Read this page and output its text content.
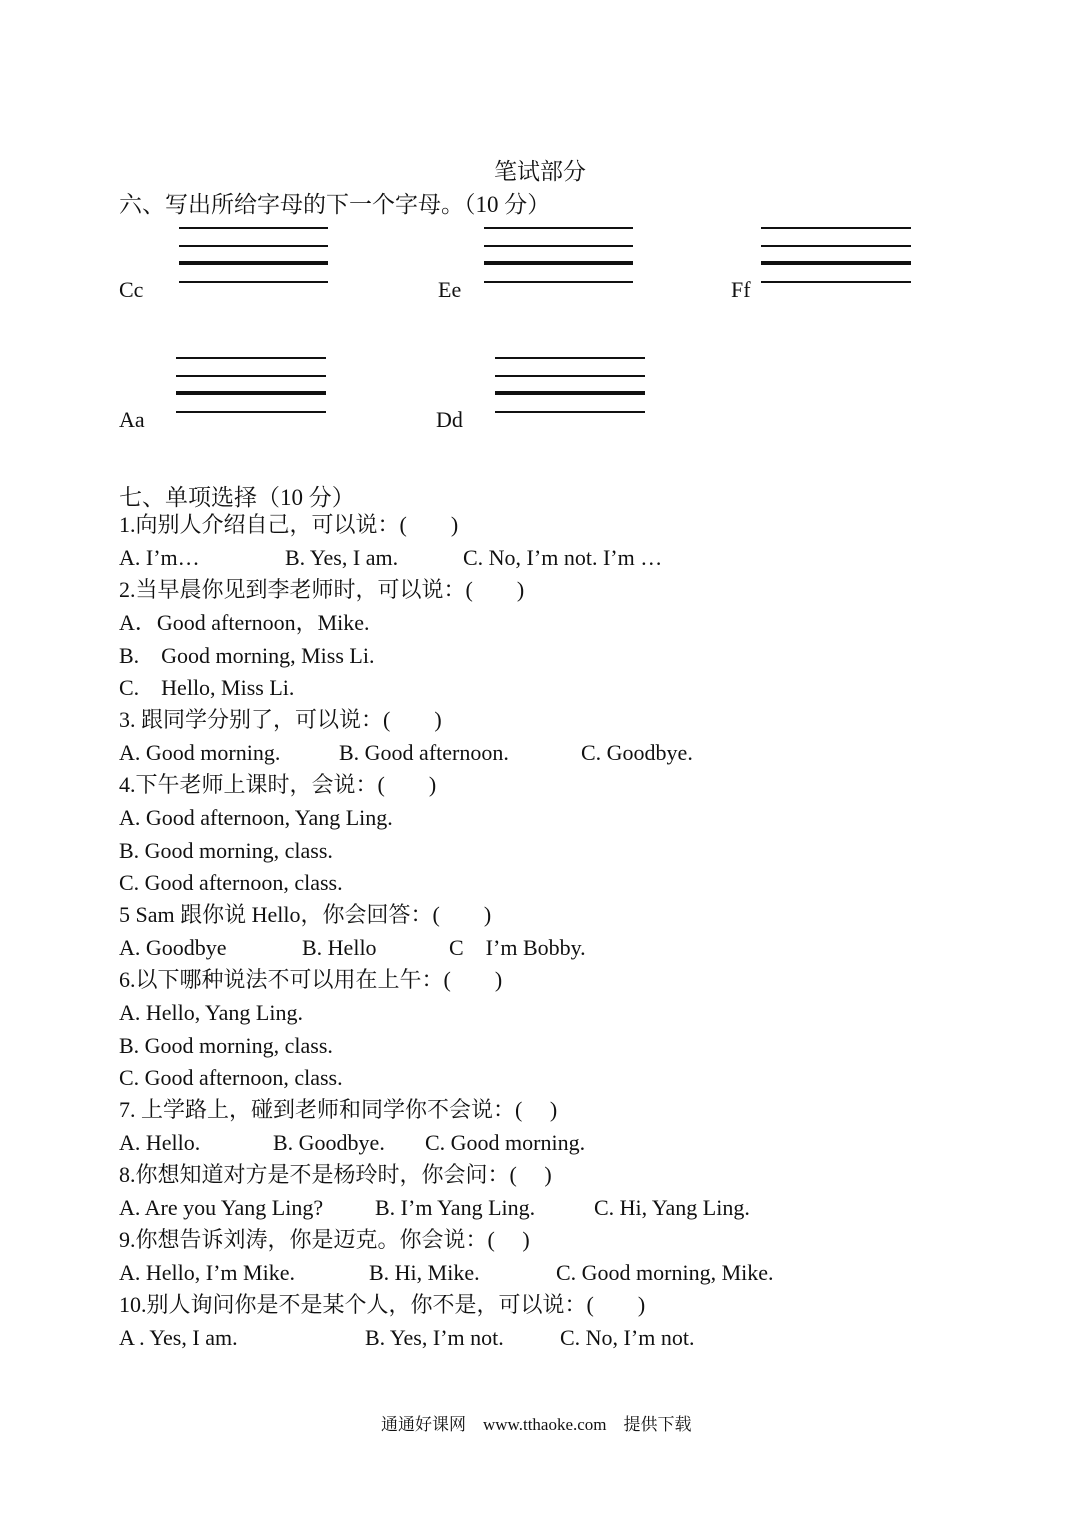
笔试部分
六、写出所给字母的下一个字母。（10 分）
Cc	Ee	Ff
Aa	Dd
七、单项选择（10 分）
1.向别人介绍自己，可以说：(　　)
A. I’m…	B. Yes, I am.	C. No, I’m not. I’m …
2.当早晨你见到李老师时，可以说：(　　)
A．Good afternoon，Mike.
B.　Good morning, Miss Li.
C.　Hello, Miss Li.
3. 跟同学分别了，可以说：(　　)
A. Good morning.	B. Good afternoon.	C. Goodbye.
4.下午老师上课时，会说：(　　)
A. Good afternoon, Yang Ling.
B. Good morning, class.
C. Good afternoon, class.
5 Sam 跟你说 Hello，你会回答：(　　)
A. Goodbye	B. Hello	C　I’m Bobby.
6.以下哪种说法不可以用在上午：(　　)
A. Hello, Yang Ling.
B. Good morning, class.
C. Good afternoon, class.
7. 上学路上，碰到老师和同学你不会说：(　 )
A. Hello.	B. Goodbye. C. Good morning.
8.你想知道对方是不是杨玲时，你会问：(　 )
A. Are you Yang Ling? B. I’m Yang Ling.	C. Hi, Yang Ling.
9.你想告诉刘涛，你是迈克。你会说：(　 )
A. Hello, I’m Mike.	B. Hi, Mike.	C. Good morning, Mike.
10.别人询问你是不是某个人，你不是，可以说：(　　)
A . Yes, I am.	B. Yes, I’m not.	C. No, I’m not.
通通好课网　www.tthaoke.com　提供下载
